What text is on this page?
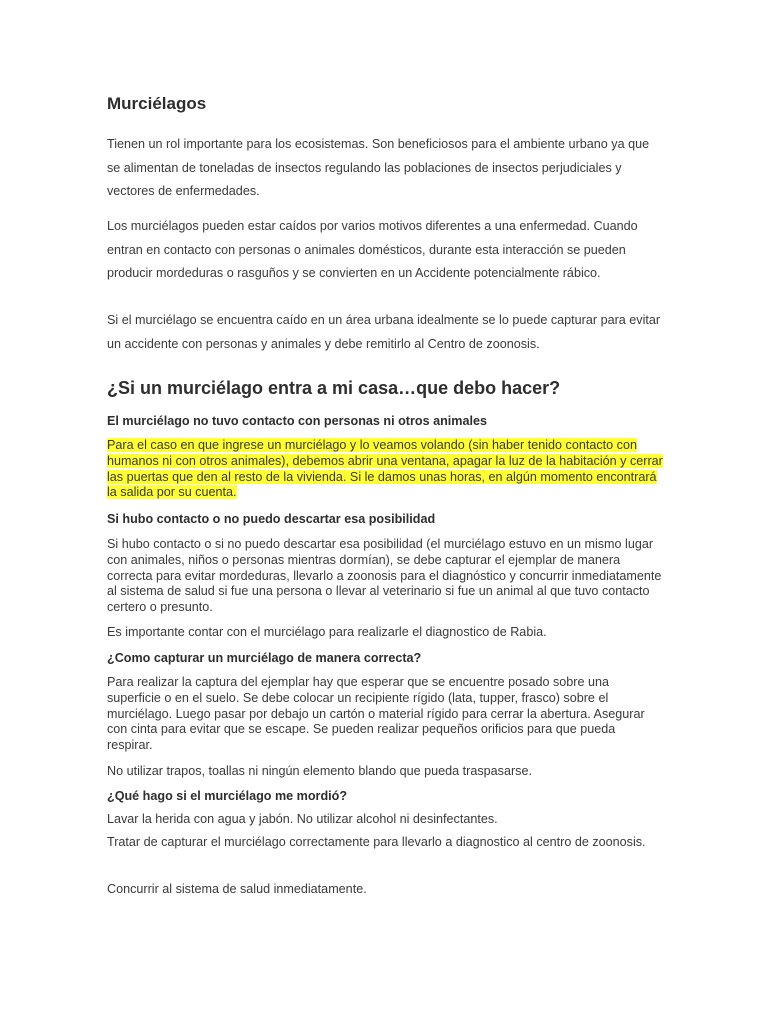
Murciélagos

Tienen un rol importante para los ecosistemas. Son beneficiosos para el ambiente urbano ya que se alimentan de toneladas de insectos regulando las poblaciones de insectos perjudiciales y vectores de enfermedades.

Los murciélagos pueden estar caídos por varios motivos diferentes a una enfermedad. Cuando entran en contacto con personas o animales domésticos, durante esta interacción se pueden producir mordeduras o rasguños y se convierten en un Accidente potencialmente rábico.

Si el murciélago se encuentra caído en un área urbana idealmente se lo puede capturar para evitar un accidente con personas y animales y debe remitirlo al Centro de zoonosis.

¿Si un murciélago entra a mi casa…que debo hacer?
El murciélago no tuvo contacto con personas ni otros animales

Para el caso en que ingrese un murciélago y lo veamos volando (sin haber tenido contacto con humanos ni con otros animales), debemos abrir una ventana, apagar la luz de la habitación y cerrar las puertas que den al resto de la vivienda. Si le damos unas horas, en algún momento encontrará la salida por su cuenta.

Si hubo contacto o no puedo descartar esa posibilidad

Si hubo contacto o si no puedo descartar esa posibilidad (el murciélago estuvo en un mismo lugar con animales, niños o personas mientras dormían), se debe capturar el ejemplar de manera correcta para evitar mordeduras, llevarlo a zoonosis para el diagnóstico y concurrir inmediatamente al sistema de salud si fue una persona o llevar al veterinario si fue un animal al que tuvo contacto certero o presunto.

Es importante contar con el murciélago para realizarle el diagnostico de Rabia.

¿Como capturar un murciélago de manera correcta?

Para realizar la captura del ejemplar hay que esperar que se encuentre posado sobre una superficie o en el suelo. Se debe colocar un recipiente rígido (lata, tupper, frasco) sobre el murciélago. Luego pasar por debajo un cartón o material rígido para cerrar la abertura. Asegurar con cinta para evitar que se escape. Se pueden realizar pequeños orificios para que pueda respirar.

No utilizar trapos, toallas ni ningún elemento blando que pueda traspasarse.

¿Qué hago si el murciélago me mordió?

Lavar la herida con agua y jabón. No utilizar alcohol ni desinfectantes.

Tratar de capturar el murciélago correctamente para llevarlo a diagnostico al centro de zoonosis.

Concurrir al sistema de salud inmediatamente.
